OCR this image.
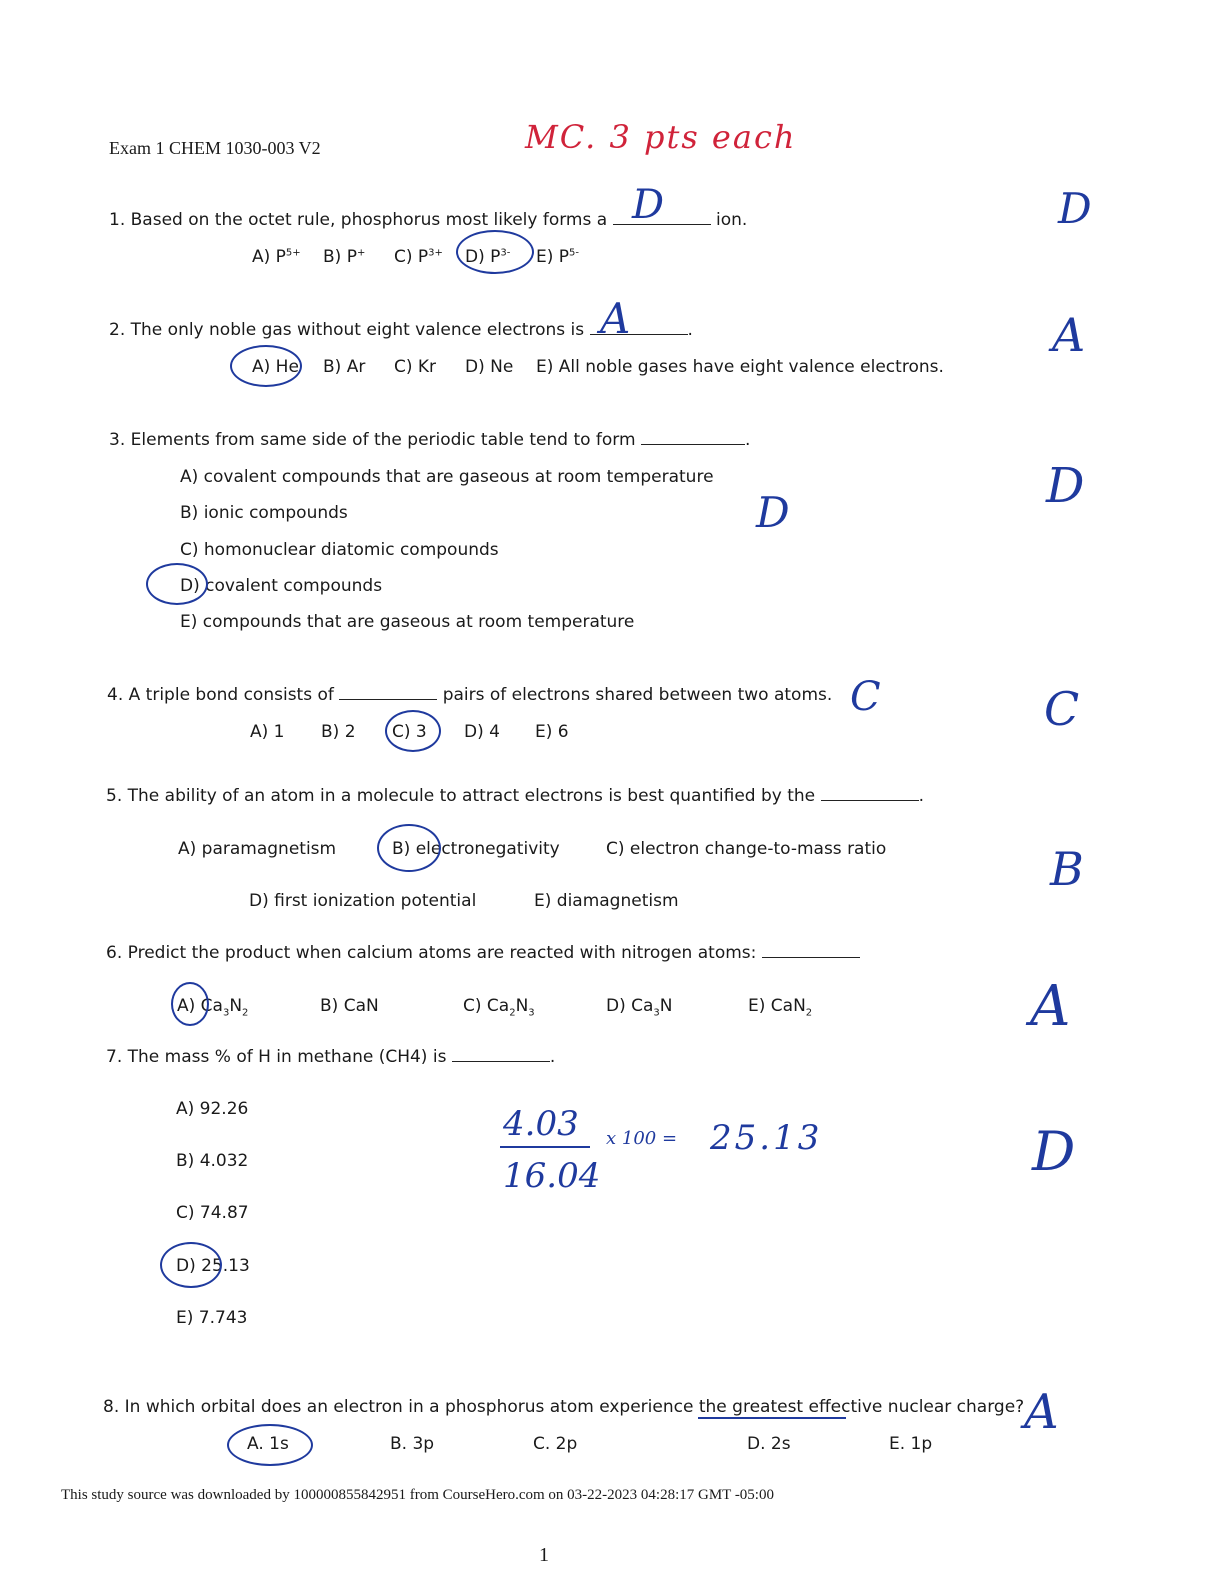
Exam 1 CHEM 1030-003 V2	MC. 3 pts each
1. Based on the octet rule, phosphorus most likely forms a	ion.
D	D
A) $P^{5+}$ B) P+ C) $P^{3+}$ D) $P^{3-}$ E) $P^{5-}$
2. The only noble gas without eight valence electrons is	.
A	A
A) He B) Ar C) Kr D) Ne E) All noble gases have eight valence electrons.
3. Elements from same side of the periodic table tend to form	.
A) covalent compounds that are gaseous at room temperature
B) ionic compounds
C) homonuclear diatomic compounds
D) covalent compounds
E) compounds that are gaseous at room temperature
D	D
4. A triple bond consists of	pairs of electrons shared between two atoms. C	C
A) 1 B) 2 C) 3 D) 4 E) 6
5. The ability of an atom in a molecule to attract electrons is best quantified by the	.
A) paramagnetism	B) electronegativity	C) electron change-to-mass ratio
D) first ionization potential	E) diamagnetism
B
6. Predict the product when calcium atoms are reacted with nitrogen atoms:
A) $Ca_3N_2$	B) CaN	C) $Ca_2N_3$	D) $Ca_3N$	E) CaN$_2$	A
7. The mass % of H in methane (CH4) is	.
A) 92.26
B) 4.032
C) 74.87
D) 25.13
E) 7.743
4.03
16.04
x 100 = 25.13	D
8. In which orbital does an electron in a phosphorus atom experience the greatest effective nuclear charge? A
A. 1s	B. 3p	C. 2p	D. 2s	E. 1p
This study source was downloaded by 100000855842951 from CourseHero.com on 03-22-2023 04:28:17 GMT -05:00
1
